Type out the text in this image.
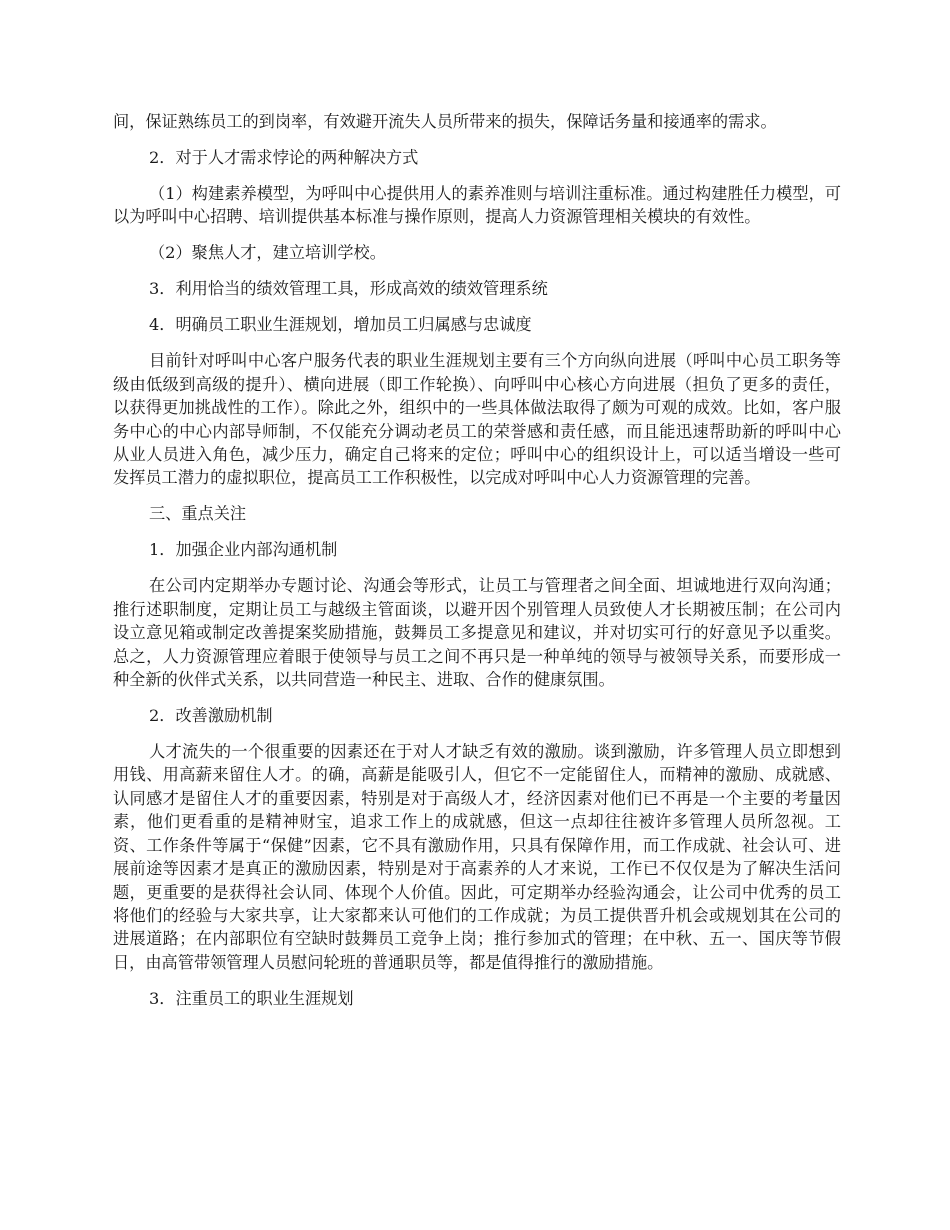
间，保证熟练员工的到岗率，有效避开流失人员所带来的损失，保障话务量和接通率的需求。

2．对于人才需求悖论的两种解决方式

（1）构建素养模型，为呼叫中心提供用人的素养准则与培训注重标准。通过构建胜任力模型，可以为呼叫中心招聘、培训提供基本标准与操作原则，提高人力资源管理相关模块的有效性。

（2）聚焦人才，建立培训学校。

3．利用恰当的绩效管理工具，形成高效的绩效管理系统

4．明确员工职业生涯规划，增加员工归属感与忠诚度

目前针对呼叫中心客户服务代表的职业生涯规划主要有三个方向纵向进展（呼叫中心员工职务等级由低级到高级的提升）、横向进展（即工作轮换）、向呼叫中心核心方向进展（担负了更多的责任，以获得更加挑战性的工作）。除此之外，组织中的一些具体做法取得了颇为可观的成效。比如，客户服务中心的中心内部导师制，不仅能充分调动老员工的荣誉感和责任感，而且能迅速帮助新的呼叫中心从业人员进入角色，减少压力，确定自己将来的定位；呼叫中心的组织设计上，可以适当增设一些可发挥员工潜力的虚拟职位，提高员工工作积极性，以完成对呼叫中心人力资源管理的完善。

三、重点关注

1．加强企业内部沟通机制

在公司内定期举办专题讨论、沟通会等形式，让员工与管理者之间全面、坦诚地进行双向沟通；推行述职制度，定期让员工与越级主管面谈，以避开因个别管理人员致使人才长期被压制；在公司内设立意见箱或制定改善提案奖励措施，鼓舞员工多提意见和建议，并对切实可行的好意见予以重奖。总之，人力资源管理应着眼于使领导与员工之间不再只是一种单纯的领导与被领导关系，而要形成一种全新的伙伴式关系，以共同营造一种民主、进取、合作的健康氛围。

2．改善激励机制

人才流失的一个很重要的因素还在于对人才缺乏有效的激励。谈到激励，许多管理人员立即想到用钱、用高薪来留住人才。的确，高薪是能吸引人，但它不一定能留住人，而精神的激励、成就感、认同感才是留住人才的重要因素，特别是对于高级人才，经济因素对他们已不再是一个主要的考量因素，他们更看重的是精神财宝，追求工作上的成就感，但这一点却往往被许多管理人员所忽视。工资、工作条件等属于“保健”因素，它不具有激励作用，只具有保障作用，而工作成就、社会认可、进展前途等因素才是真正的激励因素，特别是对于高素养的人才来说，工作已不仅仅是为了解决生活问题，更重要的是获得社会认同、体现个人价值。因此，可定期举办经验沟通会，让公司中优秀的员工将他们的经验与大家共享，让大家都来认可他们的工作成就；为员工提供晋升机会或规划其在公司的进展道路；在内部职位有空缺时鼓舞员工竞争上岗；推行参加式的管理；在中秋、五一、国庆等节假日，由高管带领管理人员慰问轮班的普通职员等，都是值得推行的激励措施。

3．注重员工的职业生涯规划
